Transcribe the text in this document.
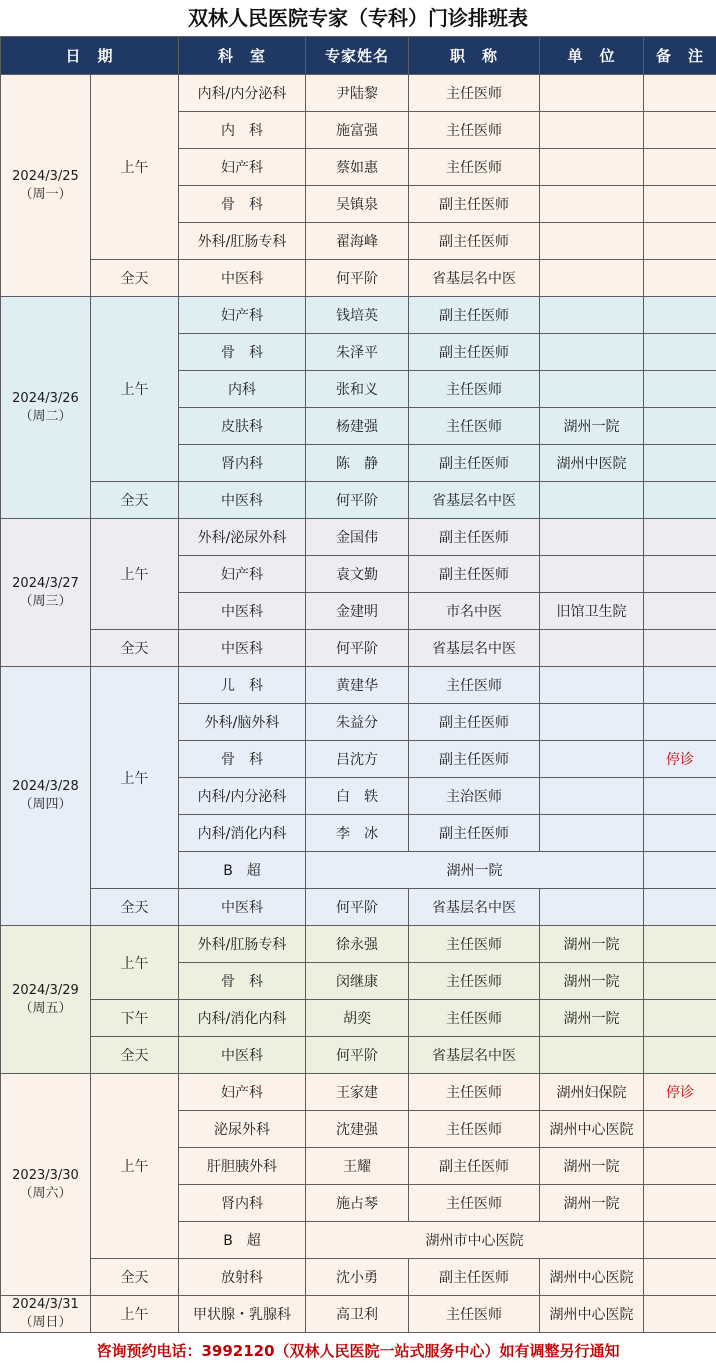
双林人民医院专家（专科）门诊排班表
日　期		科　室	专家姓名	职　称	单　位	备　注

2024/3/25
（周一）	上午	内科/内分泌科	尹陆黎	主任医师		
		内　科	施富强	主任医师		
		妇产科	蔡如惠	主任医师		
		骨　科	吴镇泉	副主任医师		
		外科/肛肠专科	翟海峰	副主任医师		
	全天	中医科	何平阶	省基层名中医		

2024/3/26
（周二）	上午	妇产科	钱培英	副主任医师		
		骨　科	朱泽平	副主任医师		
		内科	张和义	主任医师		
		皮肤科	杨建强	主任医师	湖州一院	
		肾内科	陈　静	副主任医师	湖州中医院	
	全天	中医科	何平阶	省基层名中医		

2024/3/27
（周三）	上午	外科/泌尿外科	金国伟	副主任医师		
		妇产科	袁文勤	副主任医师		
		中医科	金建明	市名中医	旧馆卫生院	
	全天	中医科	何平阶	省基层名中医		

2024/3/28
（周四）	上午	儿　科	黄建华	主任医师		
		外科/脑外科	朱益分	副主任医师		
		骨　科	吕沈方	副主任医师		停诊
		内科/内分泌科	白　轶	主治医师		
		内科/消化内科	李　冰	副主任医师		
		B　超	湖州一院			
	全天	中医科	何平阶	省基层名中医		

2024/3/29
（周五）	上午	外科/肛肠专科	徐永强	主任医师	湖州一院	
		骨　科	闵继康	主任医师	湖州一院	
	下午	内科/消化内科	胡奕	主任医师	湖州一院	
	全天	中医科	何平阶	省基层名中医		

2023/3/30
（周六）	上午	妇产科	王家建	主任医师	湖州妇保院	停诊
		泌尿外科	沈建强	主任医师	湖州中心医院	
		肝胆胰外科	王耀	副主任医师	湖州一院	
		肾内科	施占琴	主任医师	湖州一院	
		B　超	湖州市中心医院			
	全天	放射科	沈小勇	副主任医师	湖州中心医院	

2024/3/31
（周日）	上午	甲状腺・乳腺科	高卫利	主任医师	湖州中心医院	
咨询预约电话：3992120（双林人民医院一站式服务中心）如有调整另行通知
